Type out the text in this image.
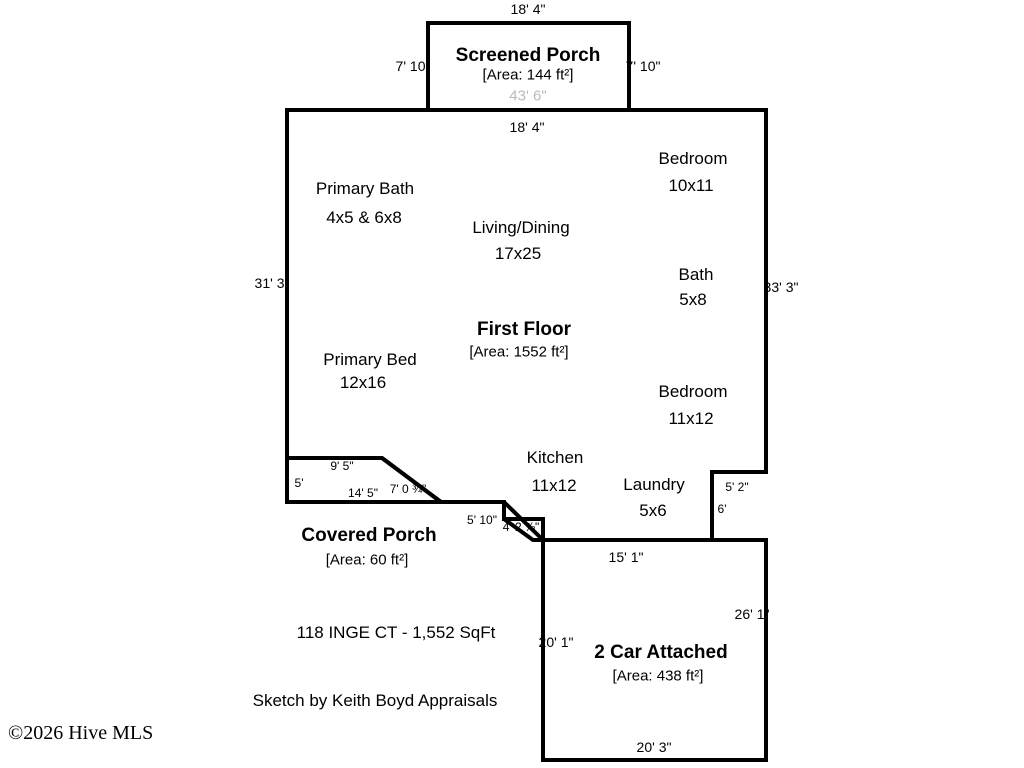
18' 4"
7' 10"	7' 10"
Screened Porch
[Area: 144 ft²]
43' 6"
18' 4"
31' 3"	33' 3"
Primary Bath
4x5 & 6x8
Bedroom
10x11
Living/Dining
17x25
Bath
5x8
Primary Bed
12x16	Bedroom
11x12
Kitchen
11x12	Laundry
5x6
First Floor
[Area: 1552 ft²]
9' 5"
5'
14' 5" 7' 0 ¾"
5' 10" 4' 2 ⅞"
Covered Porch
[Area: 60 ft²]
5' 2"
6'
15' 1"
20' 1"
26' 1"
20' 3"
2 Car Attached
[Area: 438 ft²]
118 INGE CT - 1,552 SqFt
Sketch by Keith Boyd Appraisals
©2026 Hive MLS
